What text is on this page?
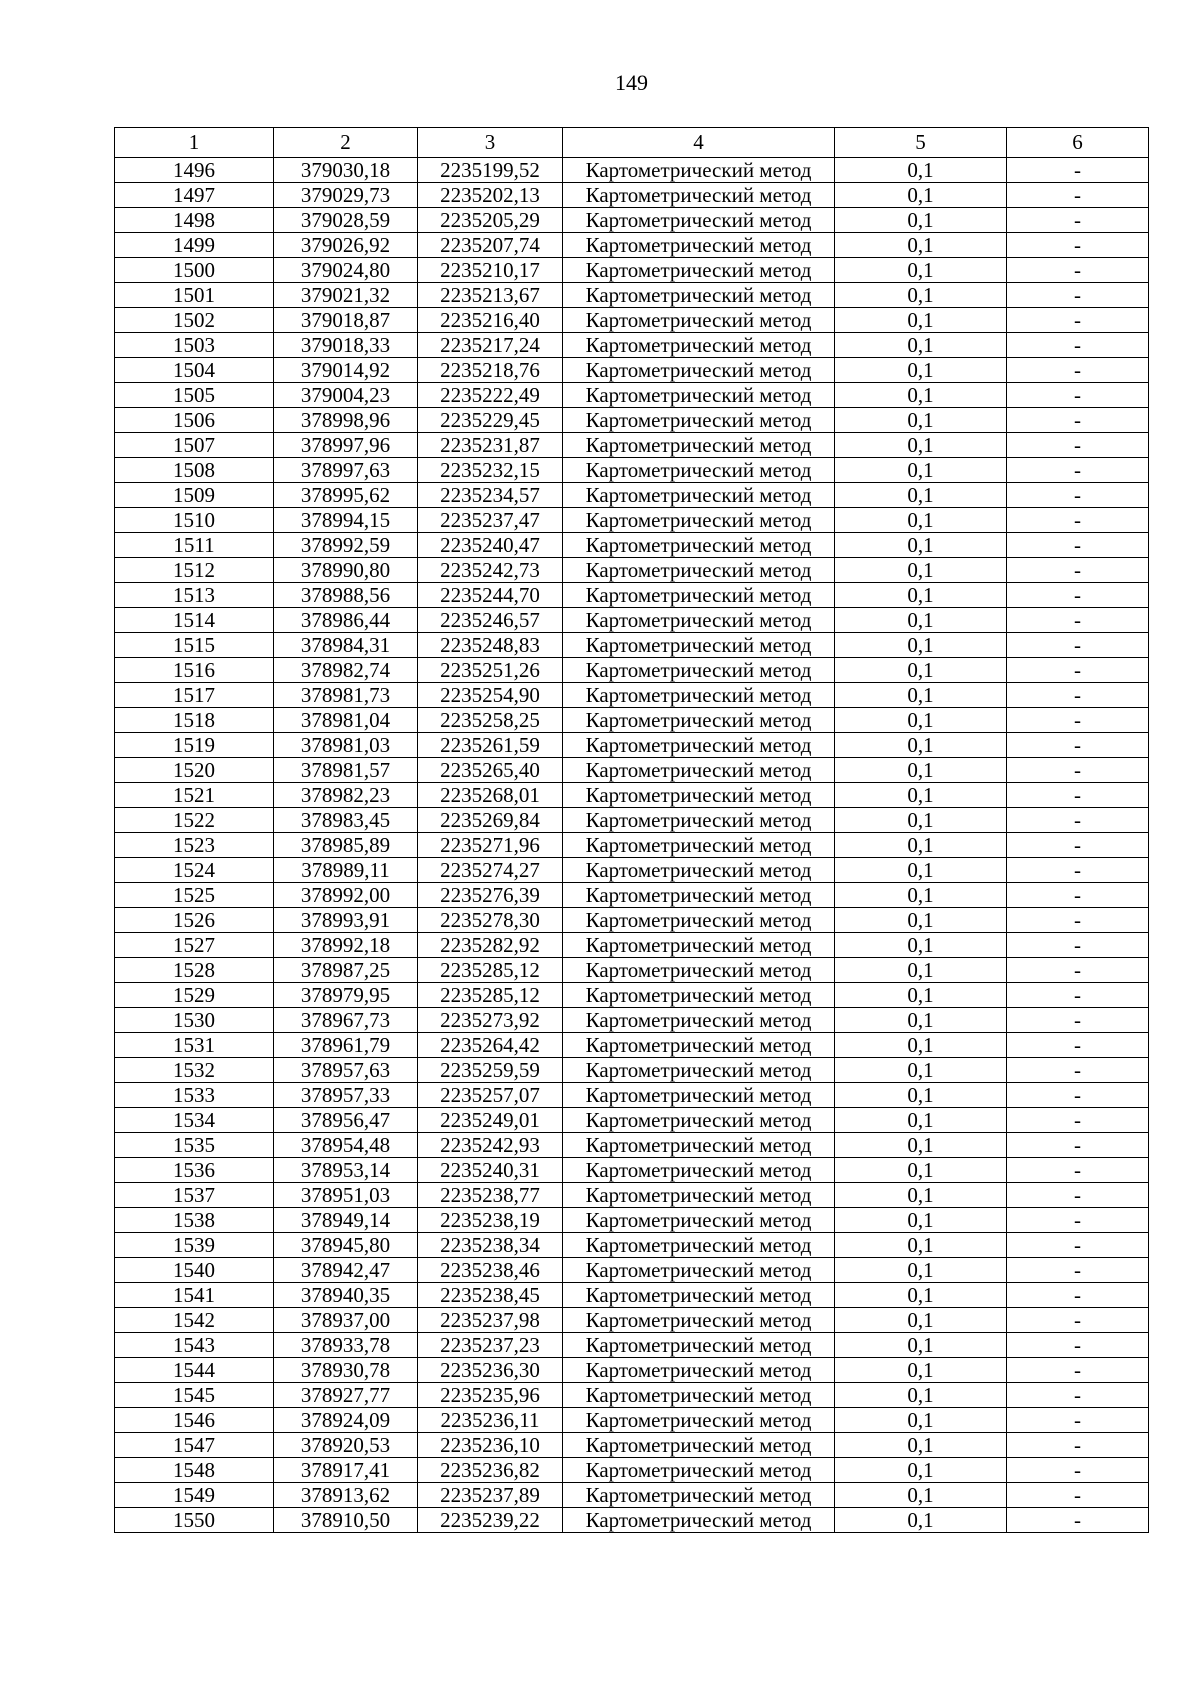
149
1	2	3	4	5	6
1496	379030,18	2235199,52	Картометрический метод	0,1	-
1497	379029,73	2235202,13	Картометрический метод	0,1	-
1498	379028,59	2235205,29	Картометрический метод	0,1	-
1499	379026,92	2235207,74	Картометрический метод	0,1	-
1500	379024,80	2235210,17	Картометрический метод	0,1	-
1501	379021,32	2235213,67	Картометрический метод	0,1	-
1502	379018,87	2235216,40	Картометрический метод	0,1	-
1503	379018,33	2235217,24	Картометрический метод	0,1	-
1504	379014,92	2235218,76	Картометрический метод	0,1	-
1505	379004,23	2235222,49	Картометрический метод	0,1	-
1506	378998,96	2235229,45	Картометрический метод	0,1	-
1507	378997,96	2235231,87	Картометрический метод	0,1	-
1508	378997,63	2235232,15	Картометрический метод	0,1	-
1509	378995,62	2235234,57	Картометрический метод	0,1	-
1510	378994,15	2235237,47	Картометрический метод	0,1	-
1511	378992,59	2235240,47	Картометрический метод	0,1	-
1512	378990,80	2235242,73	Картометрический метод	0,1	-
1513	378988,56	2235244,70	Картометрический метод	0,1	-
1514	378986,44	2235246,57	Картометрический метод	0,1	-
1515	378984,31	2235248,83	Картометрический метод	0,1	-
1516	378982,74	2235251,26	Картометрический метод	0,1	-
1517	378981,73	2235254,90	Картометрический метод	0,1	-
1518	378981,04	2235258,25	Картометрический метод	0,1	-
1519	378981,03	2235261,59	Картометрический метод	0,1	-
1520	378981,57	2235265,40	Картометрический метод	0,1	-
1521	378982,23	2235268,01	Картометрический метод	0,1	-
1522	378983,45	2235269,84	Картометрический метод	0,1	-
1523	378985,89	2235271,96	Картометрический метод	0,1	-
1524	378989,11	2235274,27	Картометрический метод	0,1	-
1525	378992,00	2235276,39	Картометрический метод	0,1	-
1526	378993,91	2235278,30	Картометрический метод	0,1	-
1527	378992,18	2235282,92	Картометрический метод	0,1	-
1528	378987,25	2235285,12	Картометрический метод	0,1	-
1529	378979,95	2235285,12	Картометрический метод	0,1	-
1530	378967,73	2235273,92	Картометрический метод	0,1	-
1531	378961,79	2235264,42	Картометрический метод	0,1	-
1532	378957,63	2235259,59	Картометрический метод	0,1	-
1533	378957,33	2235257,07	Картометрический метод	0,1	-
1534	378956,47	2235249,01	Картометрический метод	0,1	-
1535	378954,48	2235242,93	Картометрический метод	0,1	-
1536	378953,14	2235240,31	Картометрический метод	0,1	-
1537	378951,03	2235238,77	Картометрический метод	0,1	-
1538	378949,14	2235238,19	Картометрический метод	0,1	-
1539	378945,80	2235238,34	Картометрический метод	0,1	-
1540	378942,47	2235238,46	Картометрический метод	0,1	-
1541	378940,35	2235238,45	Картометрический метод	0,1	-
1542	378937,00	2235237,98	Картометрический метод	0,1	-
1543	378933,78	2235237,23	Картометрический метод	0,1	-
1544	378930,78	2235236,30	Картометрический метод	0,1	-
1545	378927,77	2235235,96	Картометрический метод	0,1	-
1546	378924,09	2235236,11	Картометрический метод	0,1	-
1547	378920,53	2235236,10	Картометрический метод	0,1	-
1548	378917,41	2235236,82	Картометрический метод	0,1	-
1549	378913,62	2235237,89	Картометрический метод	0,1	-
1550	378910,50	2235239,22	Картометрический метод	0,1	-
